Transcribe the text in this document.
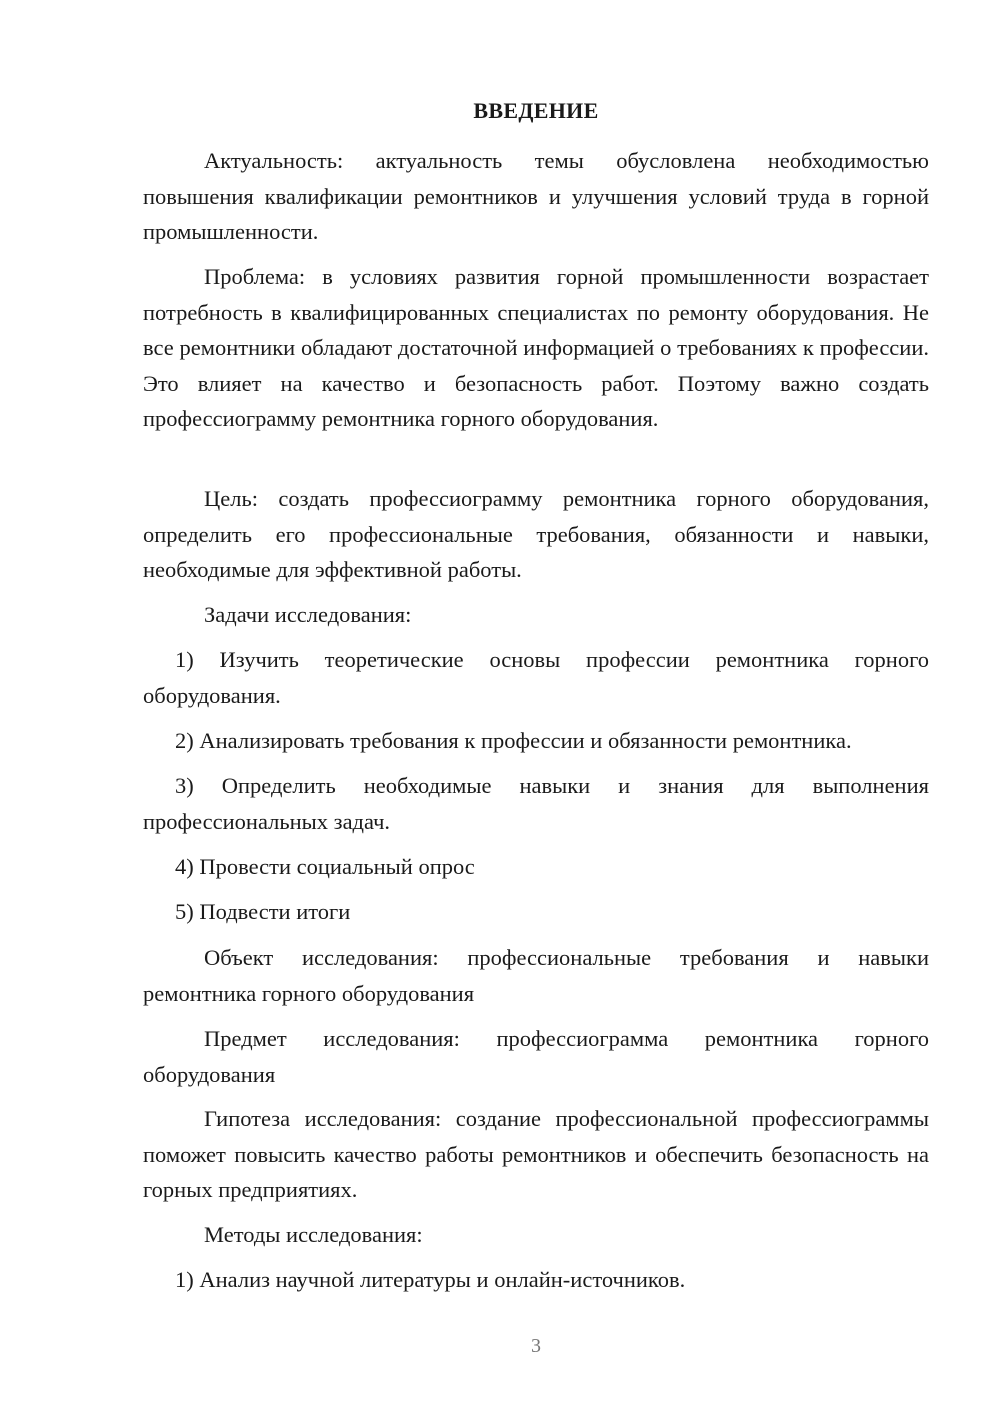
ВВЕДЕНИЕ

Актуальность: актуальность темы обусловлена необходимостью повышения квалификации ремонтников и улучшения условий труда в горной промышленности.

Проблема: в условиях развития горной промышленности возрастает потребность в квалифицированных специалистах по ремонту оборудования. Не все ремонтники обладают достаточной информацией о требованиях к профессии. Это влияет на качество и безопасность работ. Поэтому важно создать профессиограмму ремонтника горного оборудования.

Цель: создать профессиограмму ремонтника горного оборудования, определить его профессиональные требования, обязанности и навыки, необходимые для эффективной работы.

Задачи исследования:

1) Изучить теоретические основы профессии ремонтника горного оборудования.

2) Анализировать требования к профессии и обязанности ремонтника.

3) Определить необходимые навыки и знания для выполнения профессиональных задач.

4) Провести социальный опрос

5) Подвести итоги

Объект исследования: профессиональные требования и навыки ремонтника горного оборудования

Предмет исследования: профессиограмма ремонтника горного оборудования

Гипотеза исследования: создание профессиональной профессиограммы поможет повысить качество работы ремонтников и обеспечить безопасность на горных предприятиях.

Методы исследования:

1) Анализ научной литературы и онлайн-источников.

3
